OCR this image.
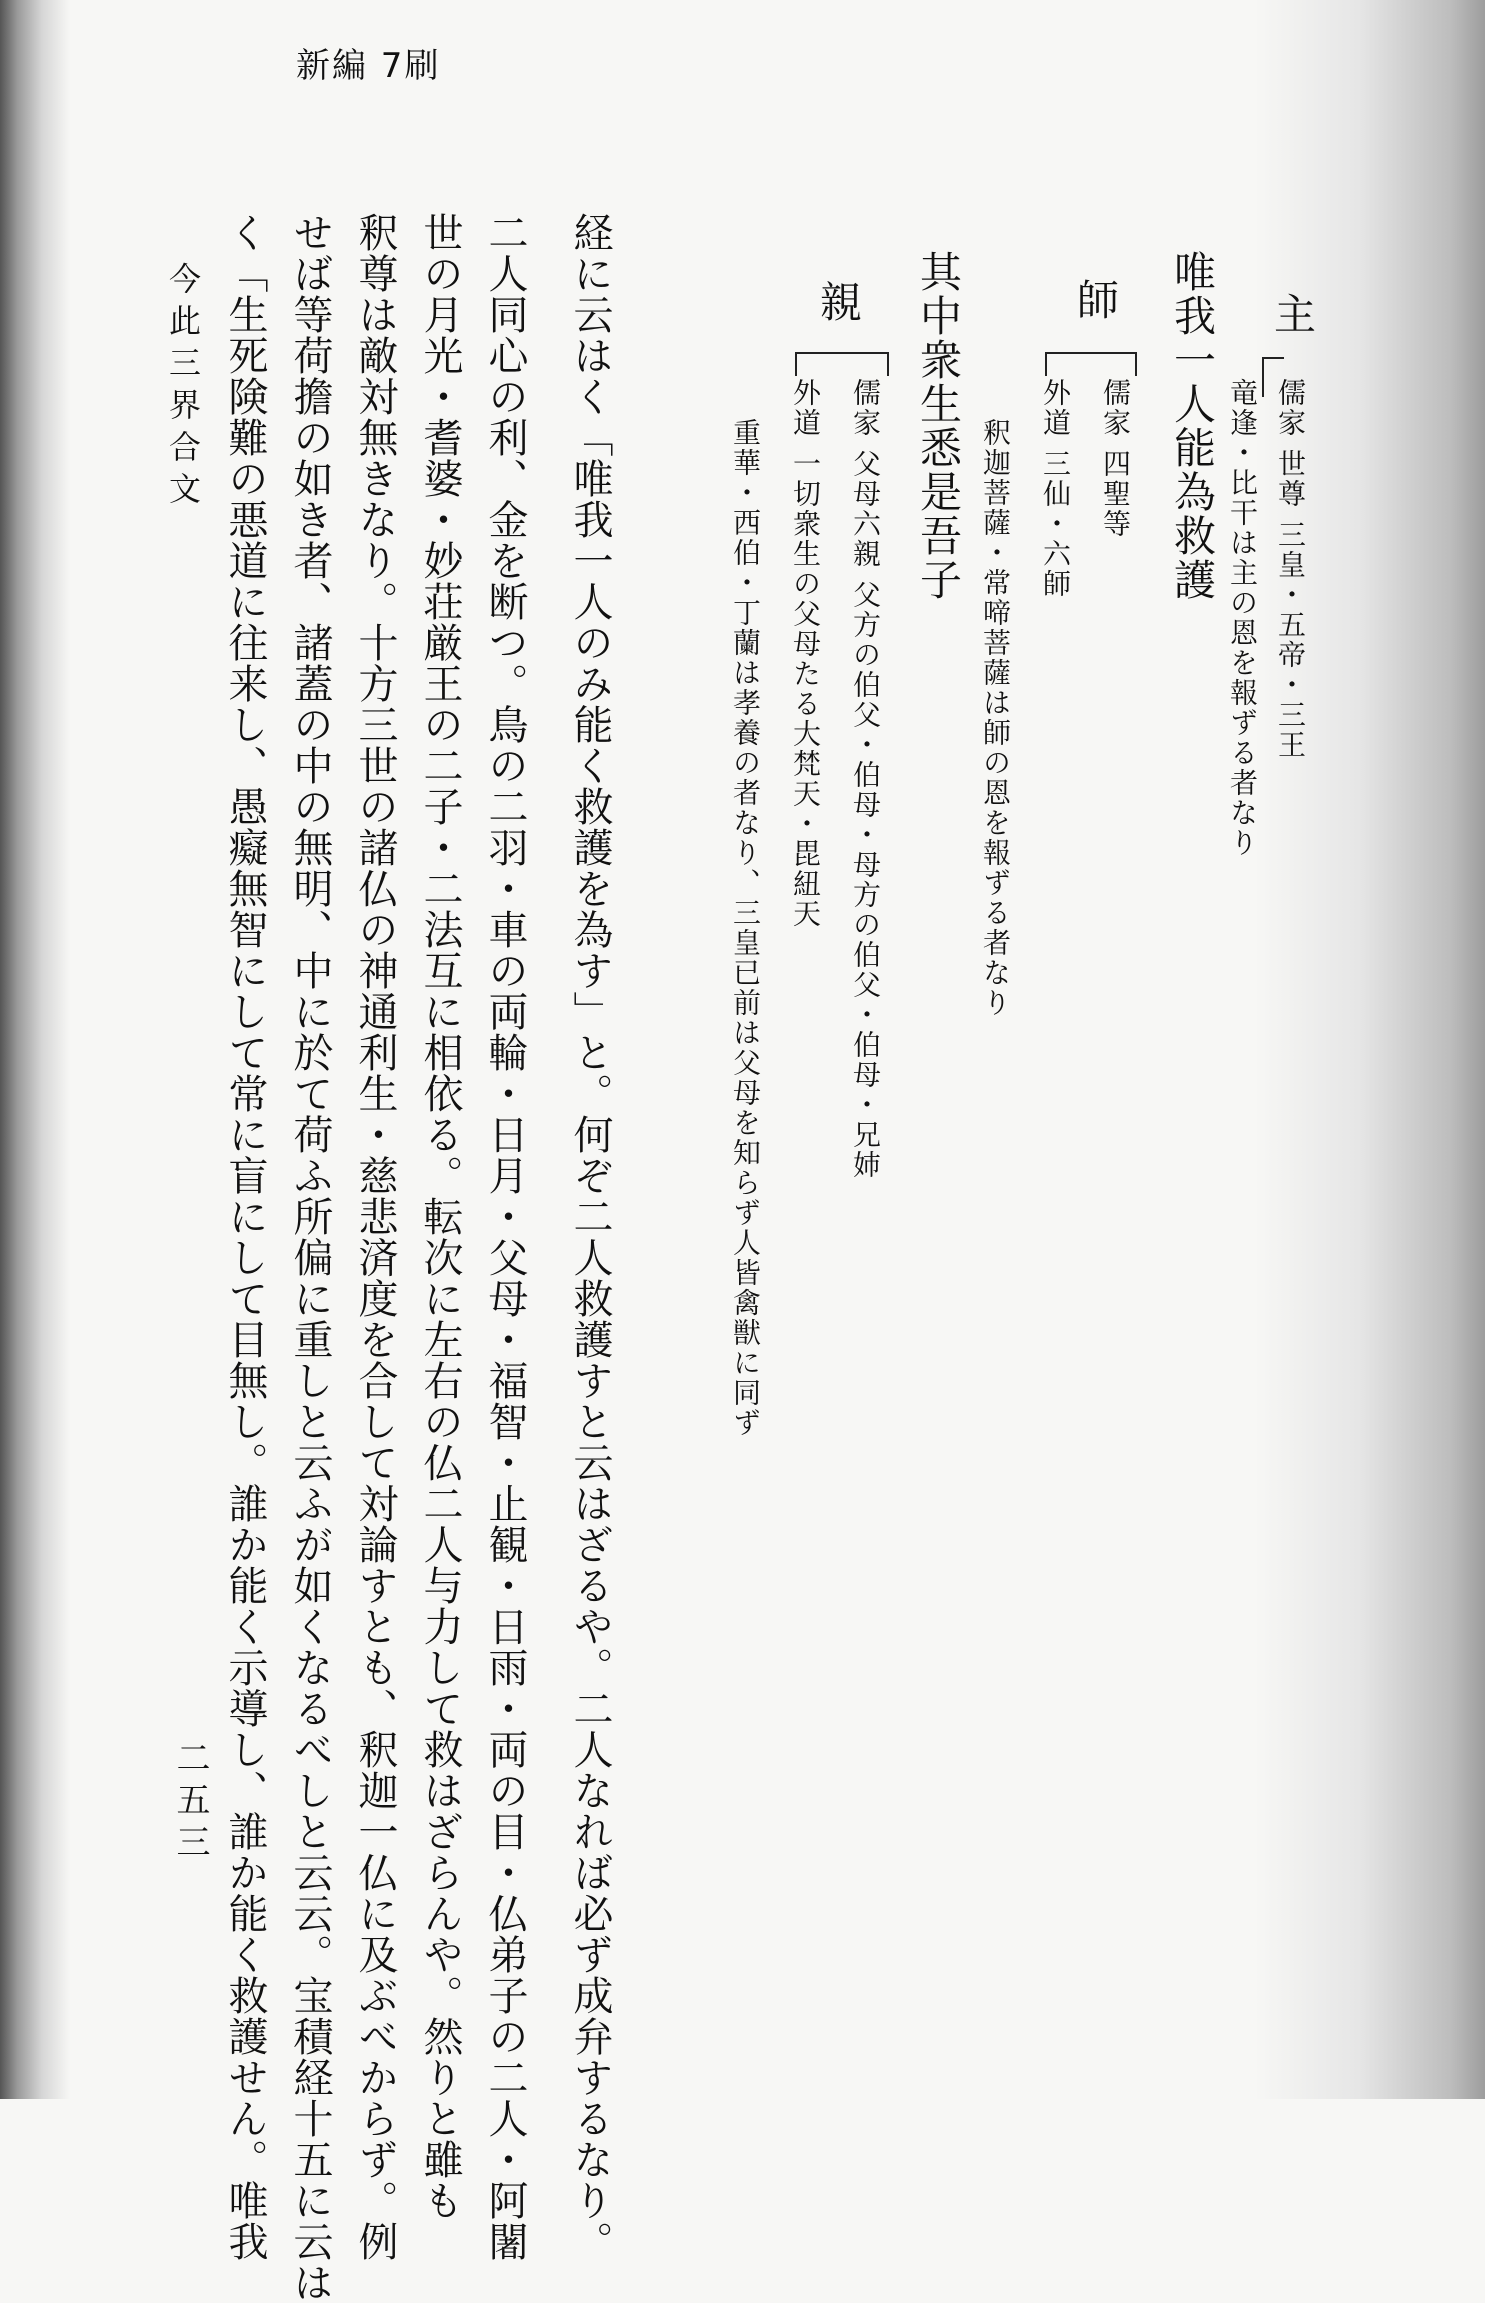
新編 7刷
主
儒家 世尊 三皇・五帝・三王
竜逢・比干は主の恩を報ずる者なり
唯我一人能為救護
師
儒家 四聖等
外道 三仙・六師
釈迦菩薩・常啼菩薩は師の恩を報ずる者なり
其中衆生悉是吾子
親
儒家 父母六親 父方の伯父・伯母・母方の伯父・伯母・兄姉
外道 一切衆生の父母たる大梵天・毘紐天
重華・西伯・丁蘭は孝養の者なり、三皇已前は父母を知らず人皆禽獣に同ず
経に云はく「唯我一人のみ能く救護を為す」と。何ぞ二人救護すと云はざるや。二人なれば必ず成弁するなり。
二人同心の利、金を断つ。鳥の二羽・車の両輪・日月・父母・福智・止観・日雨・両の目・仏弟子の二人・阿闍
世の月光・耆婆・妙荘厳王の二子・二法互に相依る。転次に左右の仏二人与力して救はざらんや。然りと雖も
釈尊は敵対無きなり。十方三世の諸仏の神通利生・慈悲済度を合して対論すとも、釈迦一仏に及ぶべからず。例
せば等荷擔の如き者、諸蓋の中の無明、中に於て荷ふ所偏に重しと云ふが如くなるべしと云云。宝積経十五に云は
く「生死険難の悪道に往来し、愚癡無智にして常に盲にして目無し。誰か能く示導し、誰か能く救護せん。唯我
今此三界合文
二五三
